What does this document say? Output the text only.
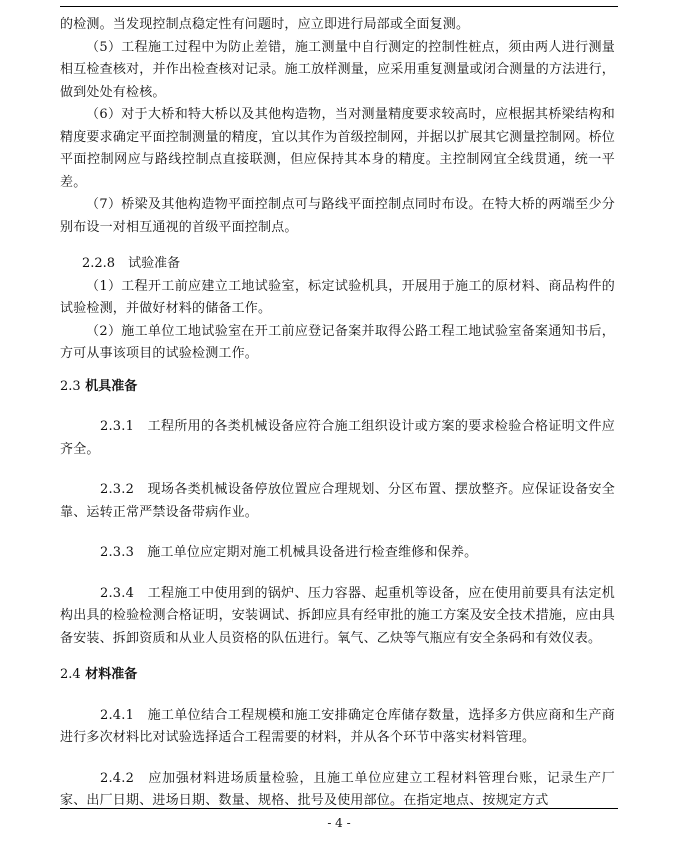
的检测。当发现控制点稳定性有问题时，应立即进行局部或全面复测。

（5）工程施工过程中为防止差错，施工测量中自行测定的控制性桩点，须由两人进行测量相互检查核对，并作出检查核对记录。施工放样测量，应采用重复测量或闭合测量的方法进行，做到处处有检核。

（6）对于大桥和特大桥以及其他构造物，当对测量精度要求较高时，应根据其桥梁结构和精度要求确定平面控制测量的精度，宜以其作为首级控制网，并据以扩展其它测量控制网。桥位平面控制网应与路线控制点直接联测，但应保持其本身的精度。主控制网宜全线贯通，统一平差。

（7）桥梁及其他构造物平面控制点可与路线平面控制点同时布设。在特大桥的两端至少分别布设一对相互通视的首级平面控制点。

2.2.8　试验准备

（1）工程开工前应建立工地试验室，标定试验机具，开展用于施工的原材料、商品构件的试验检测，并做好材料的储备工作。

（2）施工单位工地试验室在开工前应登记备案并取得公路工程工地试验室备案通知书后，方可从事该项目的试验检测工作。

2.3 机具准备

2.3.1　工程所用的各类机械设备应符合施工组织设计或方案的要求检验合格证明文件应齐全。

2.3.2　现场各类机械设备停放位置应合理规划、分区布置、摆放整齐。应保证设备安全靠、运转正常严禁设备带病作业。

2.3.3　施工单位应定期对施工机械具设备进行检查维修和保养。

2.3.4　工程施工中使用到的锅炉、压力容器、起重机等设备，应在使用前要具有法定机构出具的检验检测合格证明，安装调试、拆卸应具有经审批的施工方案及安全技术措施，应由具备安装、拆卸资质和从业人员资格的队伍进行。氧气、乙炔等气瓶应有安全条码和有效仪表。

2.4 材料准备

2.4.1　施工单位结合工程规模和施工安排确定仓库储存数量，选择多方供应商和生产商进行多次材料比对试验选择适合工程需要的材料，并从各个环节中落实材料管理。

2.4.2　应加强材料进场质量检验，且施工单位应建立工程材料管理台账，记录生产厂家、出厂日期、进场日期、数量、规格、批号及使用部位。在指定地点、按规定方式

- 4 -
